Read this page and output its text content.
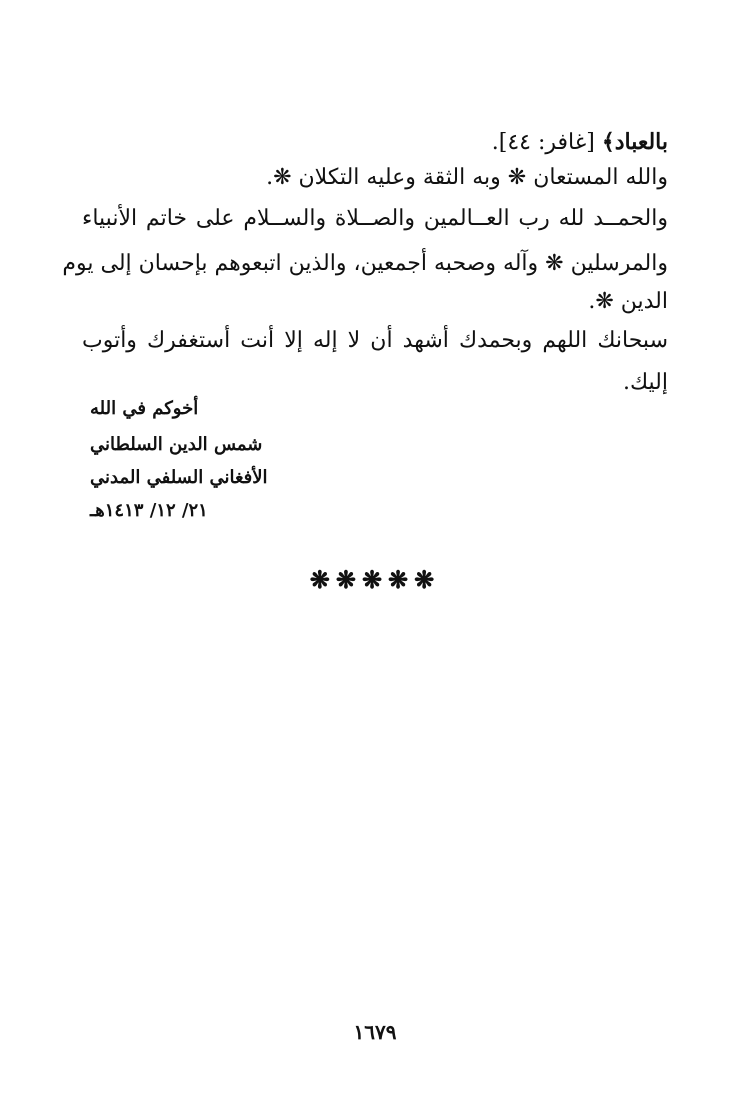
بالعباد﴾ [غافر: ٤٤].
والله المستعان ❋ وبه الثقة وعليه التكلان ❋.
والحمــد لله رب العــالمين والصــلاة والســلام على خاتم الأنبياء
والمرسلين ❋ وآله وصحبه أجمعين، والذين اتبعوهم بإحسان إلى يوم
الدين ❋.
سبحانك اللهم وبحمدك أشهد أن لا إله إلا أنت أستغفرك وأتوب
إليك.
أخوكم في الله
شمس الدين السلطاني
الأفغاني السلفي المدني
٢١/ ١٢/ ١٤١٣هـ
❋❋❋❋❋
١٦٧٩
